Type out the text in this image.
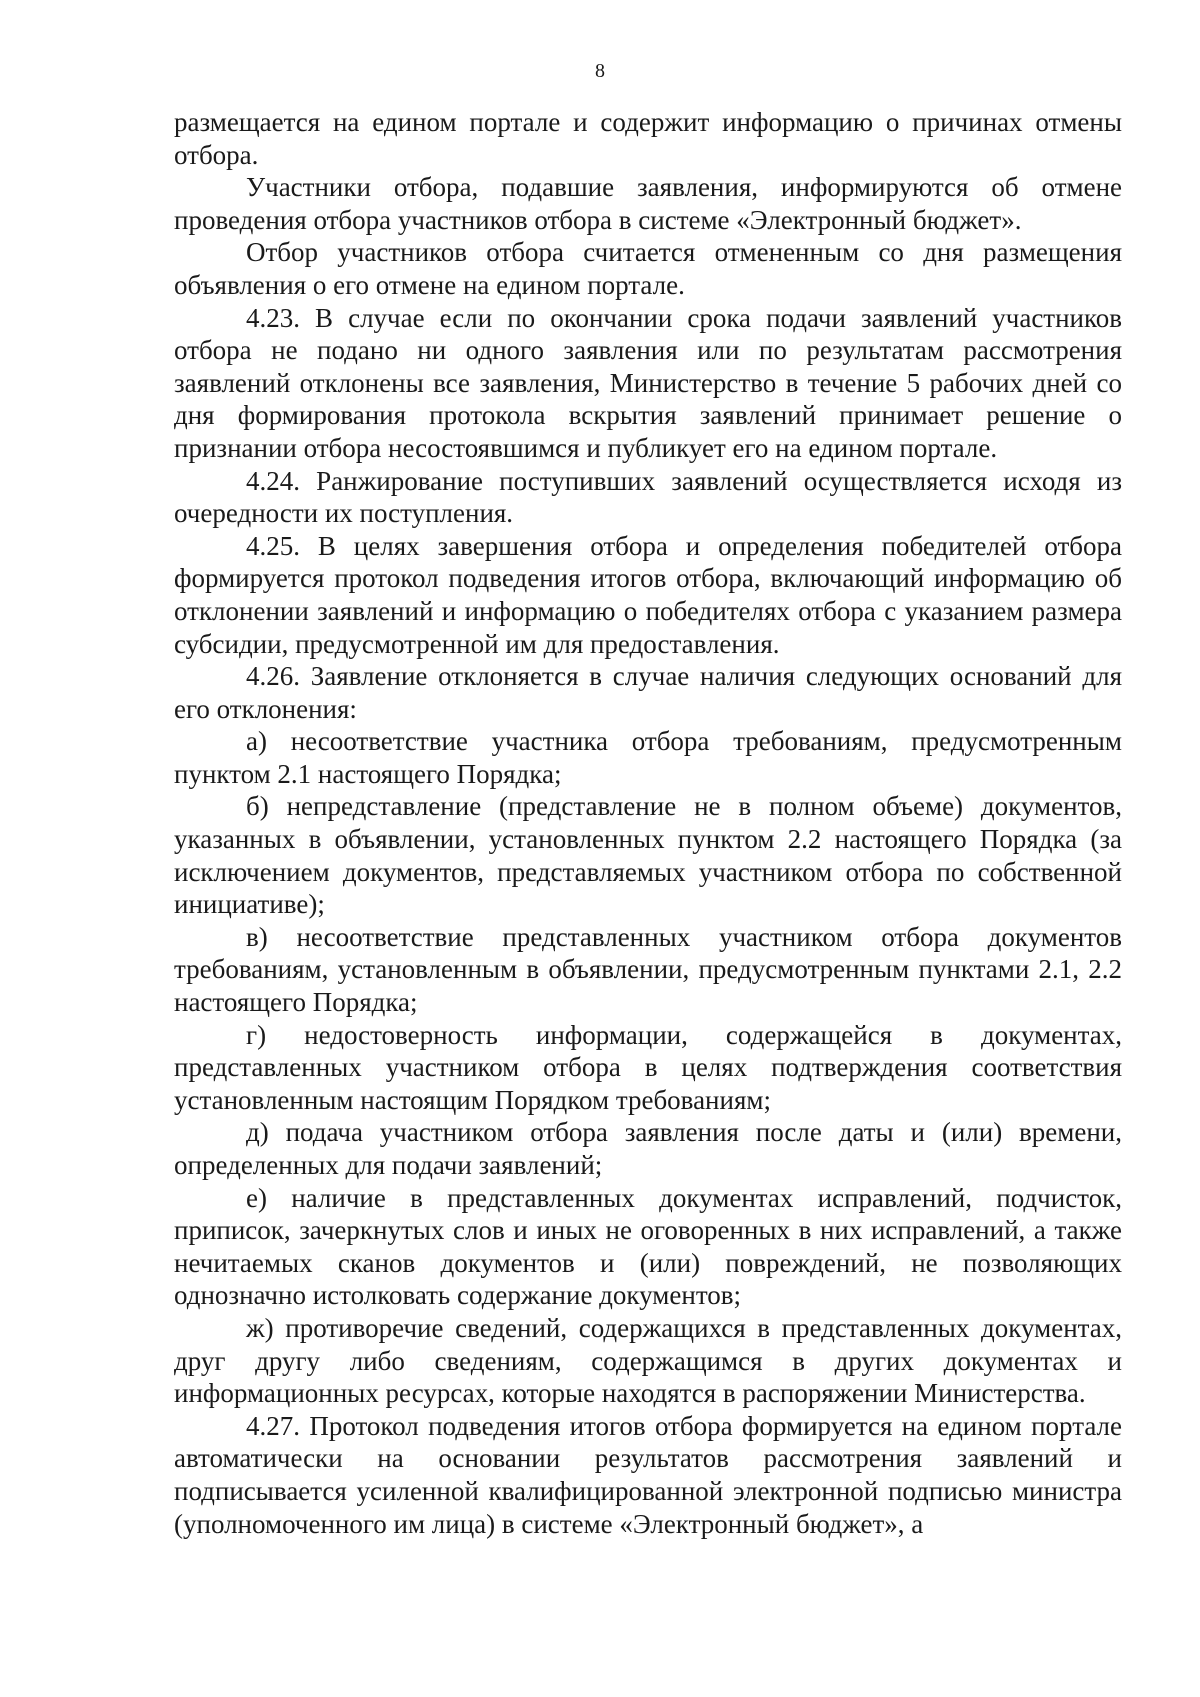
8

размещается на едином портале и содержит информацию о причинах отмены отбора.

Участники отбора, подавшие заявления, информируются об отмене проведения отбора участников отбора в системе «Электронный бюджет».

Отбор участников отбора считается отмененным со дня размещения объявления о его отмене на едином портале.

4.23. В случае если по окончании срока подачи заявлений участников отбора не подано ни одного заявления или по результатам рассмотрения заявлений отклонены все заявления, Министерство в течение 5 рабочих дней со дня формирования протокола вскрытия заявлений принимает решение о признании отбора несостоявшимся и публикует его на едином портале.

4.24. Ранжирование поступивших заявлений осуществляется исходя из очередности их поступления.

4.25. В целях завершения отбора и определения победителей отбора формируется протокол подведения итогов отбора, включающий информацию об отклонении заявлений и информацию о победителях отбора с указанием размера субсидии, предусмотренной им для предоставления.

4.26. Заявление отклоняется в случае наличия следующих оснований для его отклонения:

а) несоответствие участника отбора требованиям, предусмотренным пунктом 2.1 настоящего Порядка;

б) непредставление (представление не в полном объеме) документов, указанных в объявлении, установленных пунктом 2.2 настоящего Порядка (за исключением документов, представляемых участником отбора по собственной инициативе);

в) несоответствие представленных участником отбора документов требованиям, установленным в объявлении, предусмотренным пунктами 2.1, 2.2 настоящего Порядка;

г) недостоверность информации, содержащейся в документах, представленных участником отбора в целях подтверждения соответствия установленным настоящим Порядком требованиям;

д) подача участником отбора заявления после даты и (или) времени, определенных для подачи заявлений;

е) наличие в представленных документах исправлений, подчисток, приписок, зачеркнутых слов и иных не оговоренных в них исправлений, а также нечитаемых сканов документов и (или) повреждений, не позволяющих однозначно истолковать содержание документов;

ж) противоречие сведений, содержащихся в представленных документах, друг другу либо сведениям, содержащимся в других документах и информационных ресурсах, которые находятся в распоряжении Министерства.

4.27. Протокол подведения итогов отбора формируется на едином портале автоматически на основании результатов рассмотрения заявлений и подписывается усиленной квалифицированной электронной подписью министра (уполномоченного им лица) в системе «Электронный бюджет», а
